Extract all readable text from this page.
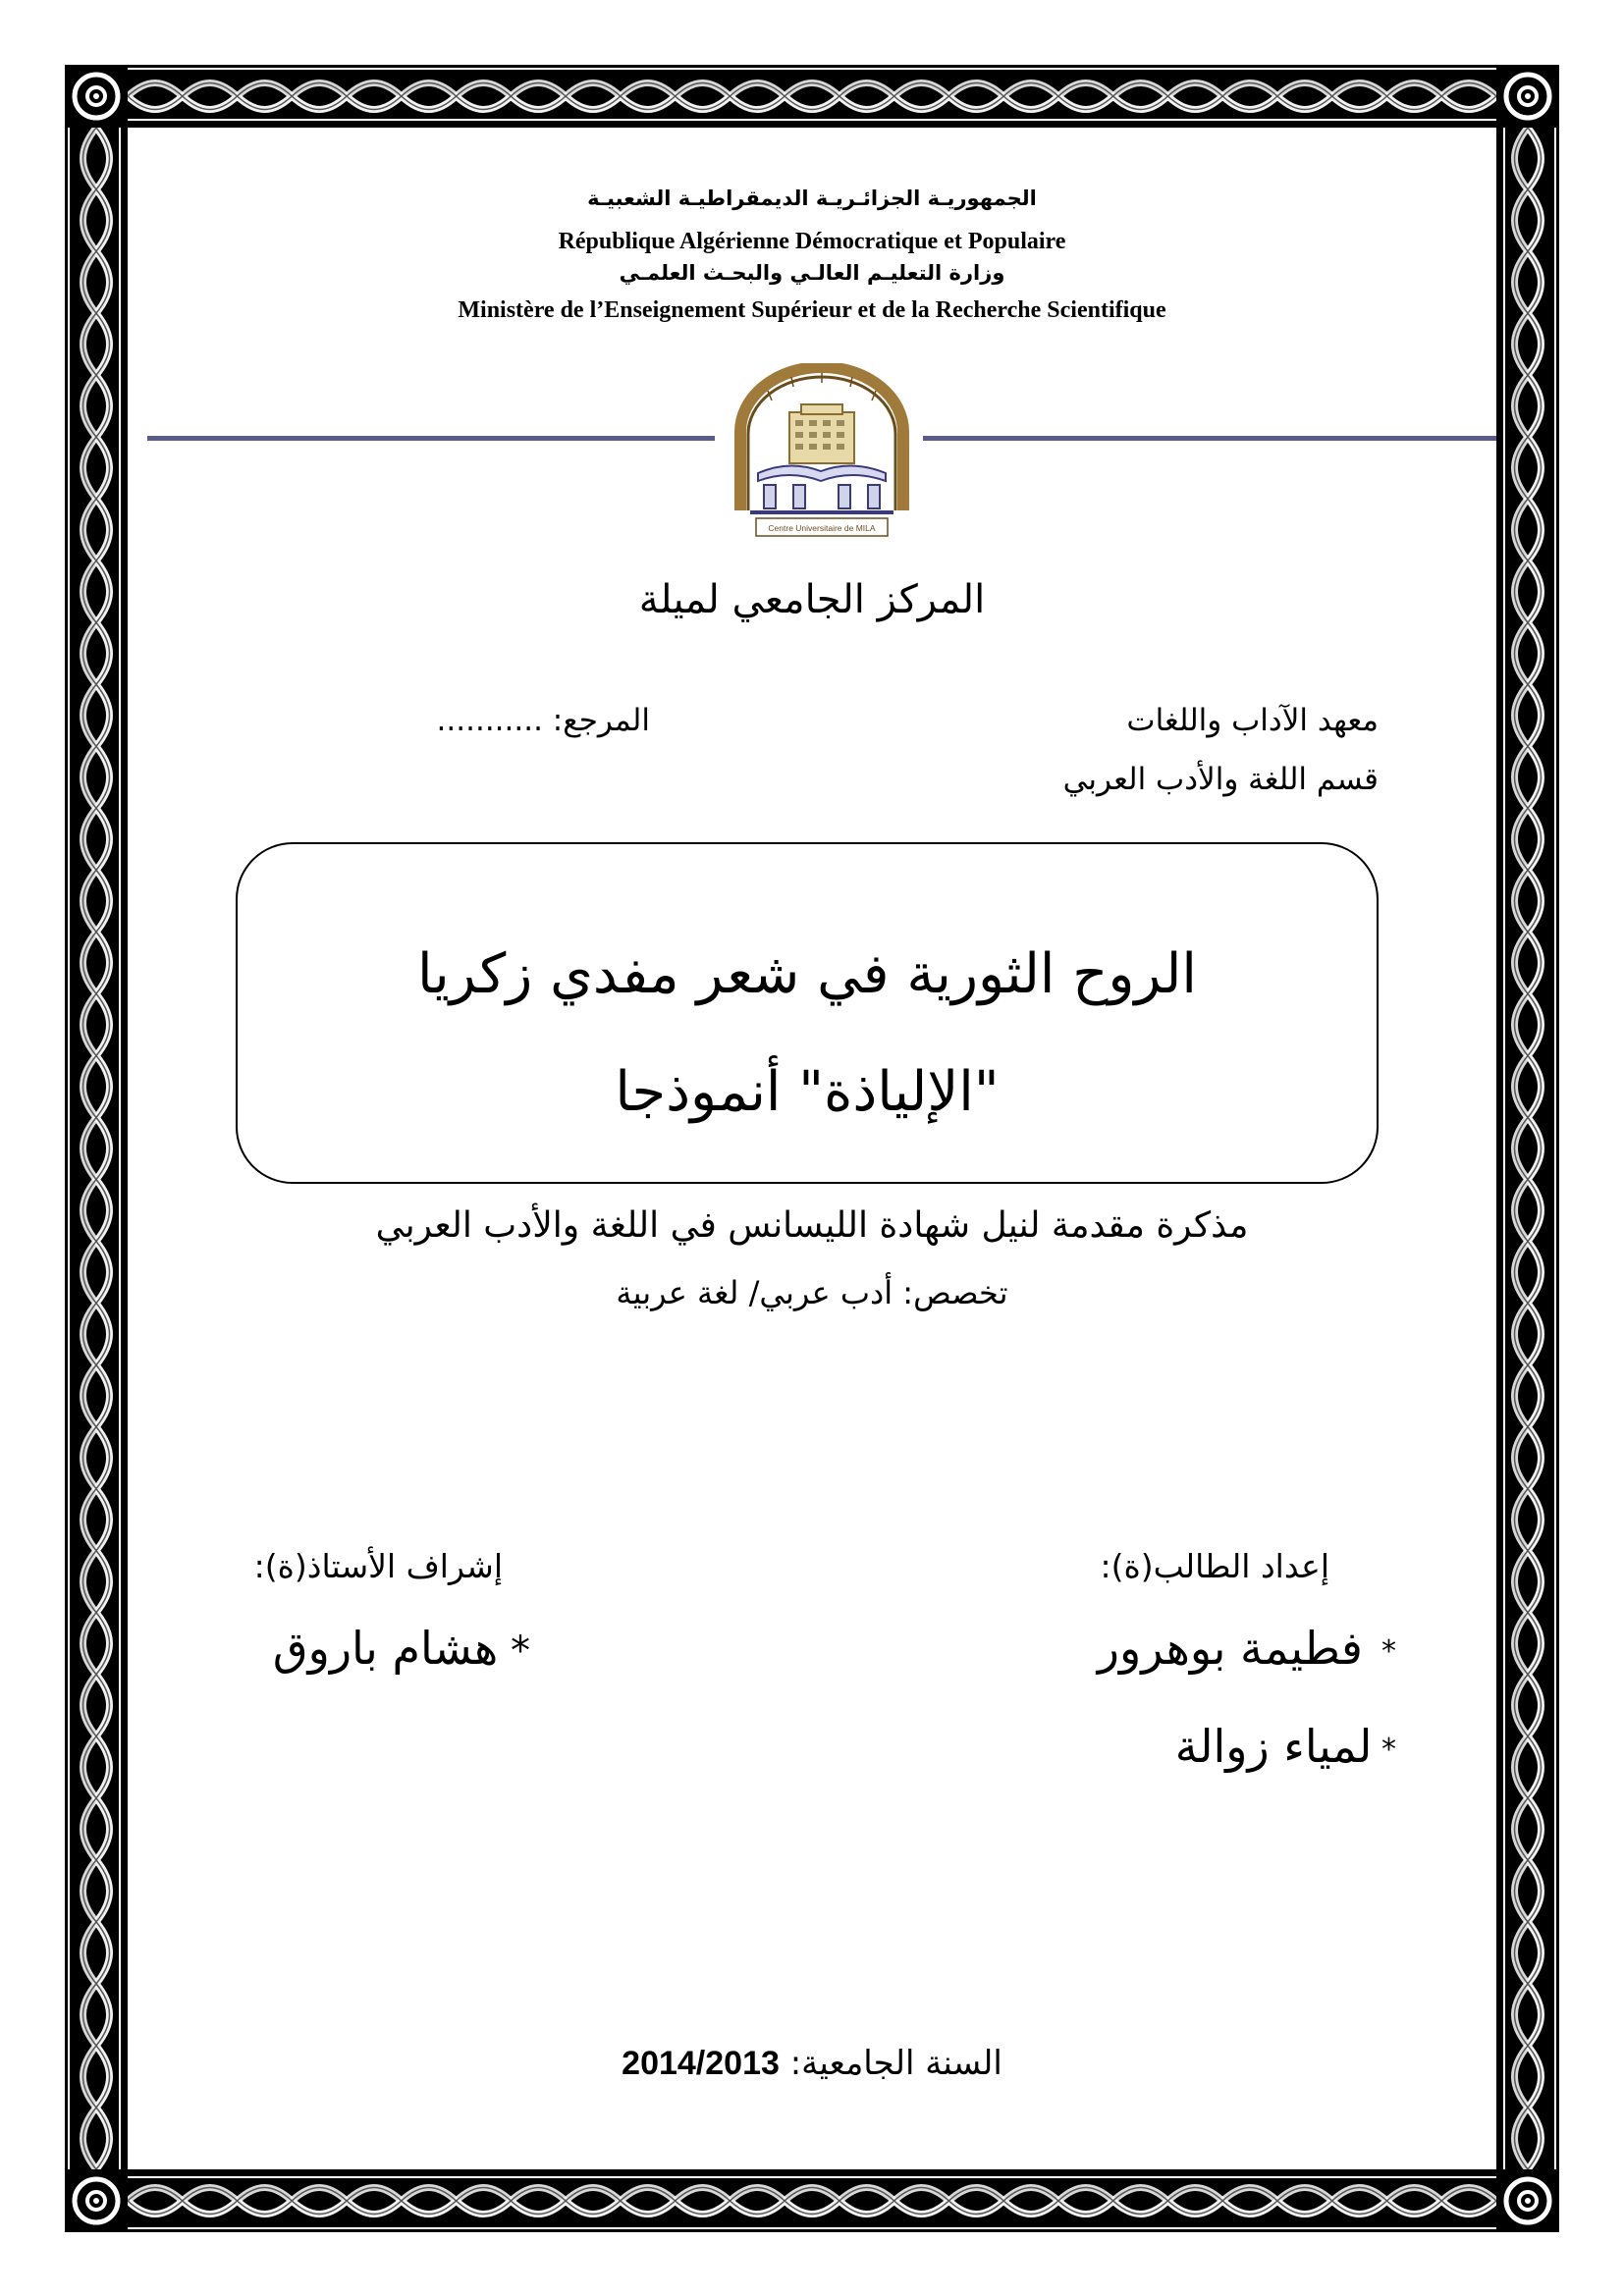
الجمهوريـة الجزائـريـة الديمقراطيـة الشعبيـة
République Algérienne Démocratique et Populaire
وزارة التعليـم العالـي والبحـث العلمـي
Ministère de l’Enseignement Supérieur et de la Recherche Scientifique
Centre Universitaire de MILA
المركز الجامعي لميلة
معهد الآداب واللغات
قسم اللغة والأدب العربي
المرجع: ...........
الروح الثورية في شعر مفدي زكريا
"الإلياذة" أنموذجا
مذكرة مقدمة لنيل شهادة الليسانس في اللغة والأدب العربي
تخصص: أدب عربي/ لغة عربية
إعداد الطالب(ة):
*  فطيمة بوهرور
* لمياء زوالة
إشراف الأستاذ(ة):
* هشام باروق
السنة الجامعية: 2014/2013
